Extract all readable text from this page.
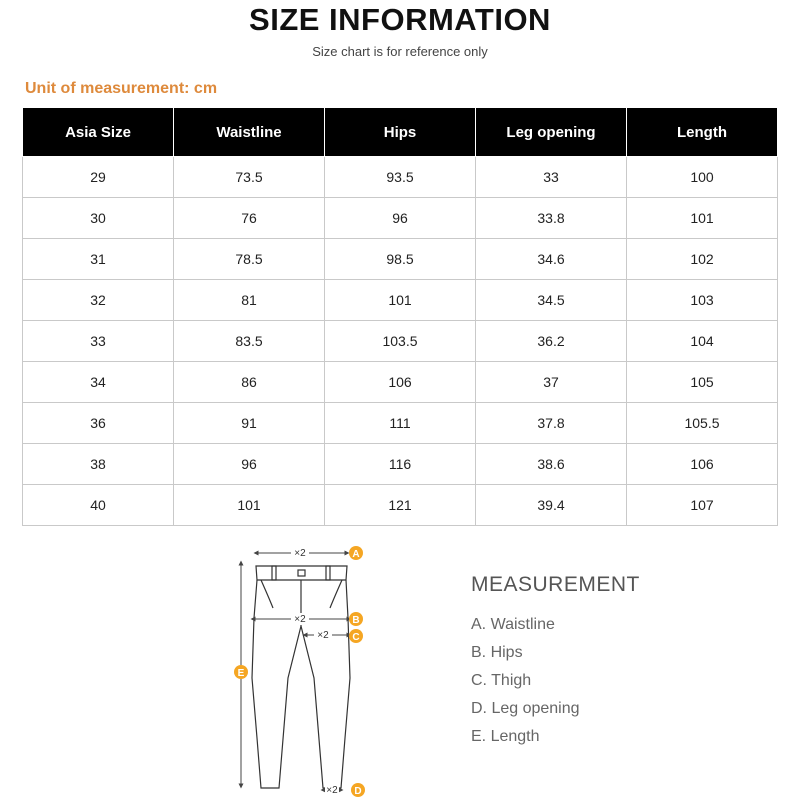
SIZE INFORMATION
Size chart is for reference only
Unit of measurement: cm
Asia Size	Waistline	Hips	Leg opening	Length
29	73.5	93.5	33	100
30	76	96	33.8	101
31	78.5	98.5	34.6	102
32	81	101	34.5	103
33	83.5	103.5	36.2	104
34	86	106	37	105
36	91	111	37.8	105.5
38	96	116	38.6	106
40	101	121	39.4	107
×2
×2
×2
×2
A
B
C
D
E
MEASUREMENT
A. Waistline
B. Hips
C. Thigh
D. Leg opening
E. Length
